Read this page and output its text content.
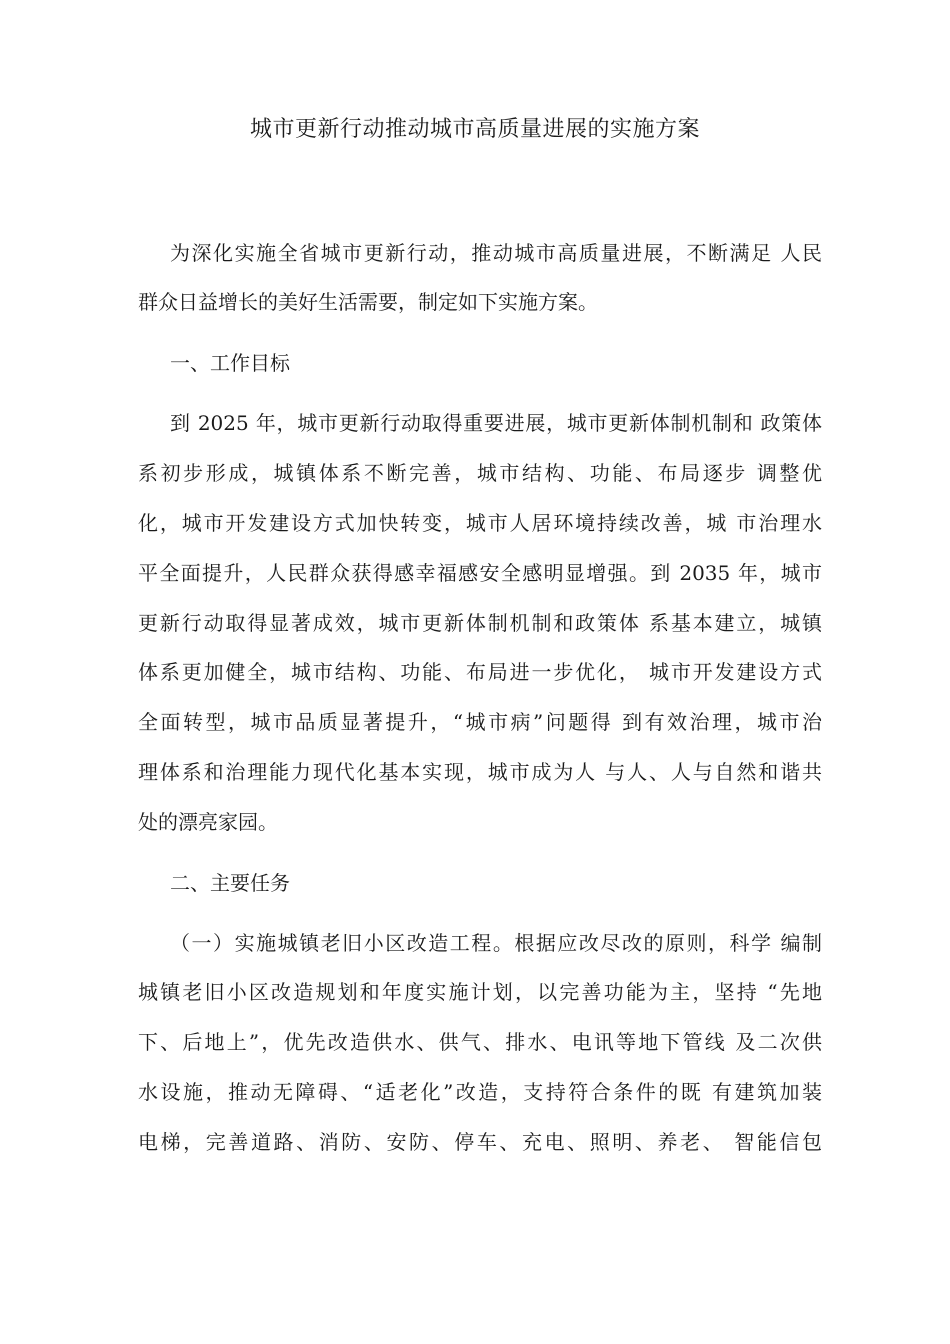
城市更新行动推动城市高质量进展的实施方案
为深化实施全省城市更新行动，推动城市高质量进展，不断满足 人民
群众日益增长的美好生活需要，制定如下实施方案。
一、工作目标
到 2025 年，城市更新行动取得重要进展，城市更新体制机制和 政策体
系初步形成，城镇体系不断完善，城市结构、功能、布局逐步 调整优
化，城市开发建设方式加快转变，城市人居环境持续改善，城 市治理水
平全面提升，人民群众获得感幸福感安全感明显增强。到 2035 年，城市
更新行动取得显著成效，城市更新体制机制和政策体 系基本建立，城镇
体系更加健全，城市结构、功能、布局进一步优化， 城市开发建设方式
全面转型，城市品质显著提升，“城市病”问题得 到有效治理，城市治
理体系和治理能力现代化基本实现，城市成为人 与人、人与自然和谐共
处的漂亮家园。
二、主要任务
（一）实施城镇老旧小区改造工程。根据应改尽改的原则，科学 编制
城镇老旧小区改造规划和年度实施计划，以完善功能为主，坚持 “先地
下、后地上”，优先改造供水、供气、排水、电讯等地下管线 及二次供
水设施，推动无障碍、“适老化”改造，支持符合条件的既 有建筑加装
电梯，完善道路、消防、安防、停车、充电、照明、养老、 智能信包
